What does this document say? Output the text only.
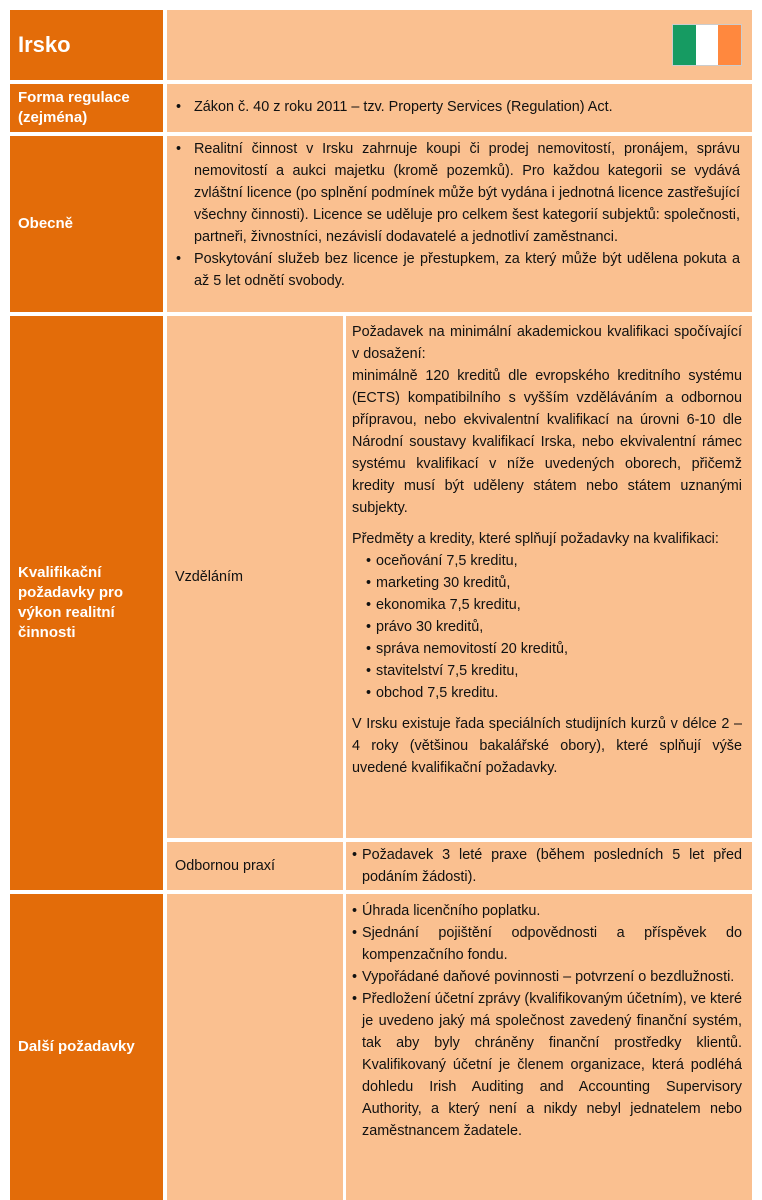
Irsko
Forma regulace (zejména)
• Zákon č. 40 z roku 2011 – tzv. Property Services (Regulation) Act.
Obecně
• Realitní činnost v Irsku zahrnuje koupi či prodej nemovitostí, pronájem, správu nemovitostí a aukci majetku (kromě pozemků). Pro každou kategorii se vydává zvláštní licence (po splnění podmínek může být vydána i jednotná licence zastřešující všechny činnosti). Licence se uděluje pro celkem šest kategorií subjektů: společnosti, partneři, živnostníci, nezávislí dodavatelé a jednotliví zaměstnanci.
• Poskytování služeb bez licence je přestupkem, za který může být udělena pokuta a až 5 let odnětí svobody.
Kvalifikační požadavky pro výkon realitní činnosti
Vzděláním

Požadavek na minimální akademickou kvalifikaci spočívající v dosažení:

minimálně 120 kreditů dle evropského kreditního systému (ECTS) kompatibilního s vyšším vzděláváním a odbornou přípravou, nebo ekvivalentní kvalifikací na úrovni 6-10 dle Národní soustavy kvalifikací Irska, nebo ekvivalentní rámec systému kvalifikací v níže uvedených oborech, přičemž kredity musí být uděleny státem nebo státem uznanými subjekty.

Předměty a kredity, které splňují požadavky na kvalifikaci:

• oceňování 7,5 kreditu,
• marketing 30 kreditů,
• ekonomika 7,5 kreditu,
• právo 30 kreditů,
• správa nemovitostí 20 kreditů,
• stavitelství 7,5 kreditu,
• obchod 7,5 kreditu.

V Irsku existuje řada speciálních studijních kurzů v délce 2 – 4 roky (většinou bakalářské obory), které splňují výše uvedené kvalifikační požadavky.

Odbornou praxí
• Požadavek 3 leté praxe (během posledních 5 let před podáním žádosti).
Další požadavky
• Úhrada licenčního poplatku.
• Sjednání pojištění odpovědnosti a příspěvek do kompenzačního fondu.
• Vypořádané daňové povinnosti – potvrzení o bezdlužnosti.
• Předložení účetní zprávy (kvalifikovaným účetním), ve které je uvedeno jaký má společnost zavedený finanční systém, tak aby byly chráněny finanční prostředky klientů. Kvalifikovaný účetní je členem organizace, která podléhá dohledu Irish Auditing and Accounting Supervisory Authority, a který není a nikdy nebyl jednatelem nebo zaměstnancem žadatele.
